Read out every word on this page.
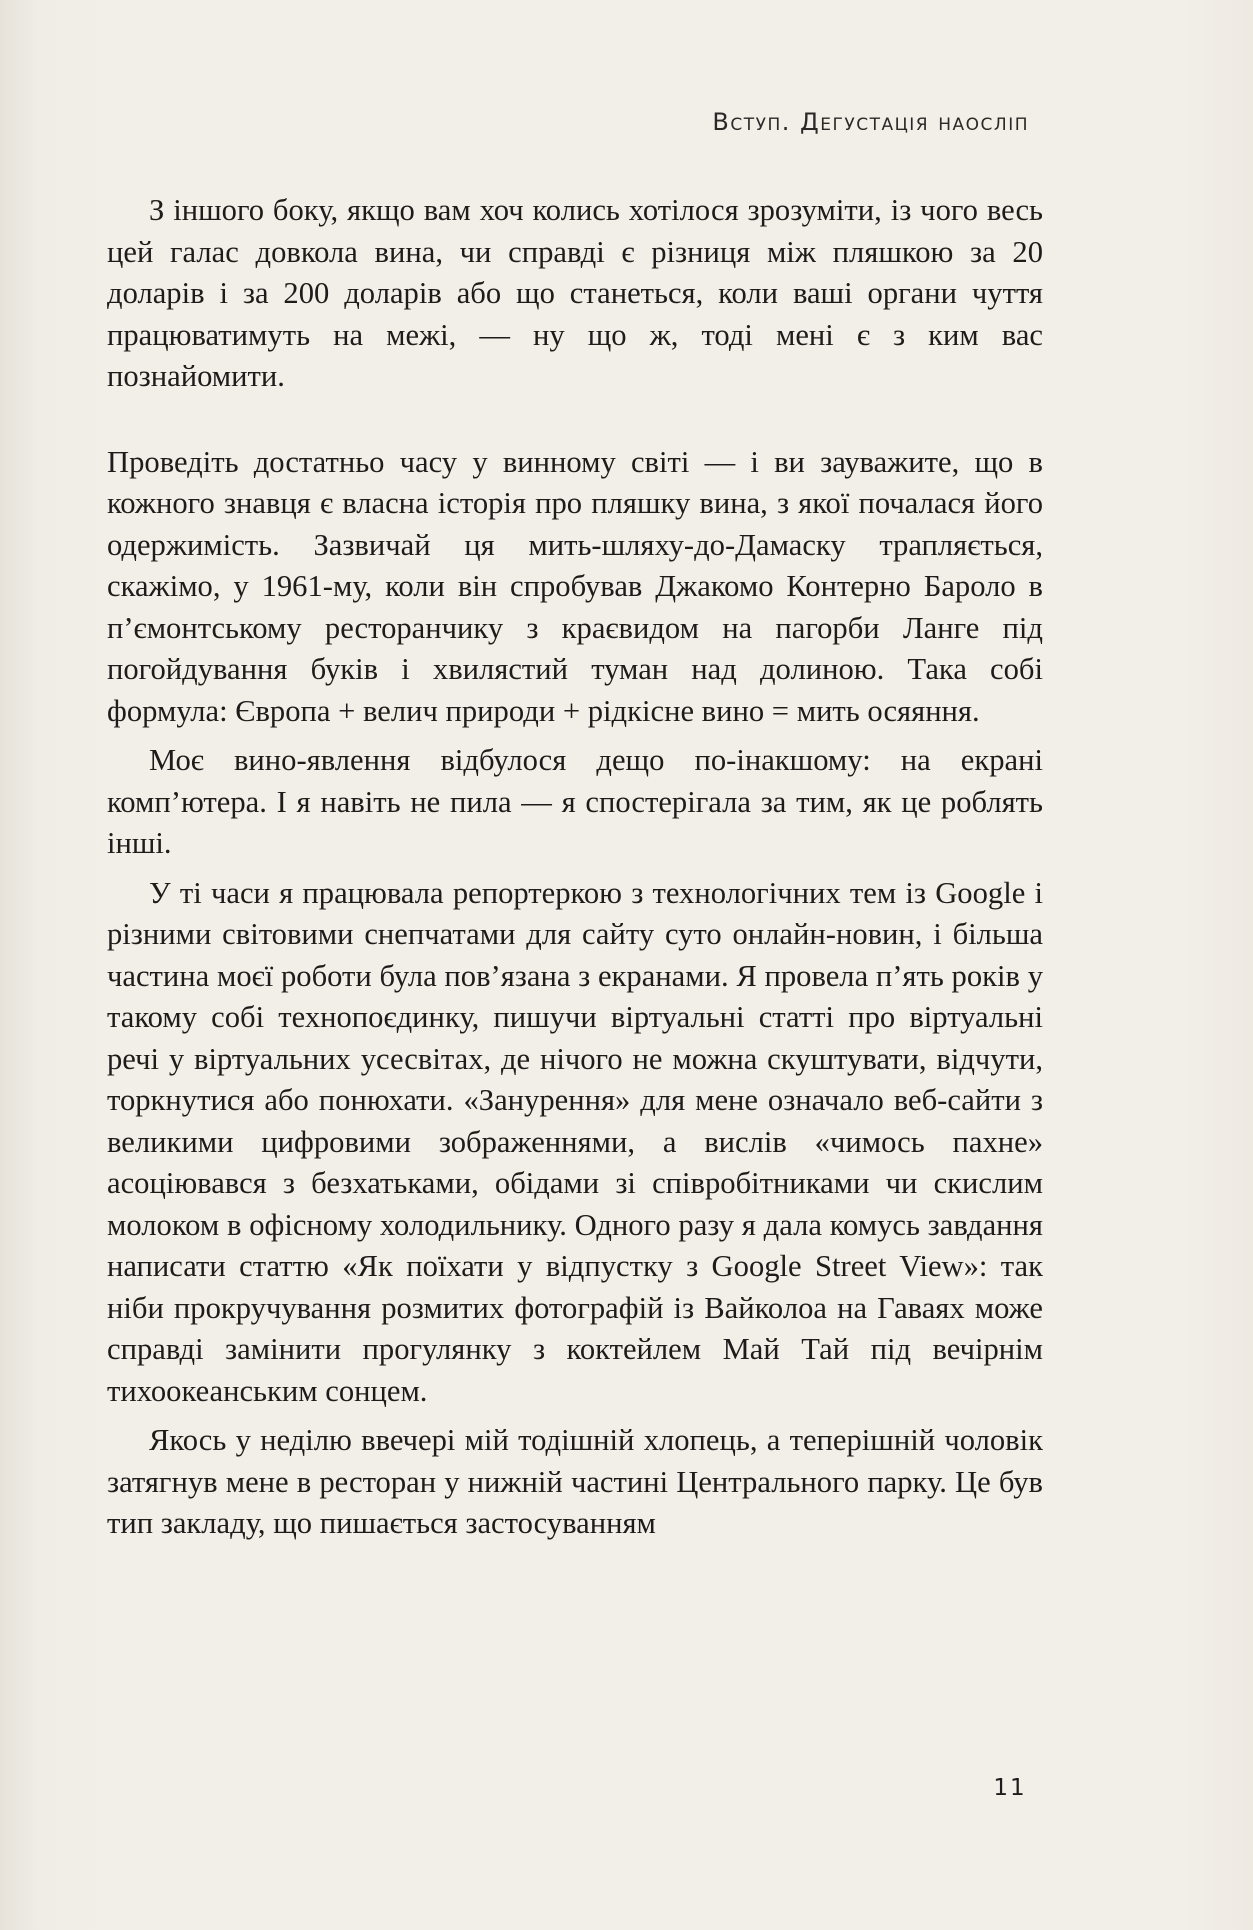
Вступ. Дегустація наосліп

З іншого боку, якщо вам хоч колись хотілося зрозуміти, із чого весь цей галас довкола вина, чи справді є різниця між пляшкою за 20 доларів і за 200 доларів або що станеться, коли ваші органи чуття працюватимуть на межі, — ну що ж, тоді мені є з ким вас познайомити.

Проведіть достатньо часу у винному світі — і ви зауважите, що в кожного знавця є власна історія про пляшку вина, з якої почалася його одержимість. Зазвичай ця мить-шляху-до-Дамаску трапляється, скажімо, у 1961-му, коли він спробував Джакомо Контерно Бароло в п’ємонтському ресторанчику з краєвидом на пагорби Ланге під погойдування буків і хвилястий туман над долиною. Така собі формула: Європа + велич природи + рідкісне вино = мить осяяння.

Моє вино-явлення відбулося дещо по-інакшому: на екрані комп’ютера. І я навіть не пила — я спостерігала за тим, як це роблять інші.

У ті часи я працювала репортеркою з технологічних тем із Google і різними світовими снепчатами для сайту суто онлайн-новин, і більша частина моєї роботи була пов’язана з екранами. Я провела п’ять років у такому собі технопоєдинку, пишучи віртуальні статті про віртуальні речі у віртуальних усесвітах, де нічого не можна скуштувати, відчути, торкнутися або понюхати. «Занурення» для мене означало веб-сайти з великими цифровими зображеннями, а вислів «чимось пахне» асоціювався з безхатьками, обідами зі співробітниками чи скислим молоком в офісному холодильнику. Одного разу я дала комусь завдання написати статтю «Як поїхати у відпустку з Google Street View»: так ніби прокручування розмитих фотографій із Вайколоа на Гаваях може справді замінити прогулянку з коктейлем Май Тай під вечірнім тихоокеанським сонцем.

Якось у неділю ввечері мій тодішній хлопець, а теперішній чоловік затягнув мене в ресторан у нижній частині Центрального парку. Це був тип закладу, що пишається застосуванням

11
